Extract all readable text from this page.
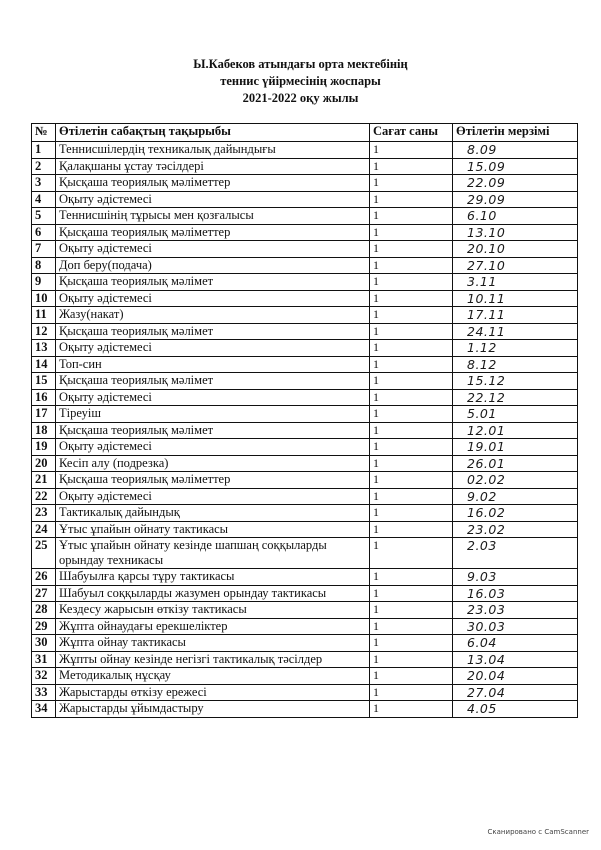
Ы.Кабеков атындағы орта мектебінің
теннис үйірмесінің жоспары
2021-2022 оқу жылы
№	Өтілетін сабақтың тақырыбы	Сағат саны	Өтілетін мерзімі
1	Теннисшілердің техникалық дайындығы	1	8.09
2	Қалақшаны ұстау тәсілдері	1	15.09
3	Қысқаша теориялық мәліметтер	1	22.09
4	Оқыту әдістемесі	1	29.09
5	Теннисшінің тұрысы мен қозғалысы	1	6.10
6	Қысқаша теориялық мәліметтер	1	13.10
7	Оқыту әдістемесі	1	20.10
8	Доп беру(подача)	1	27.10
9	Қысқаша теориялық мәлімет	1	3.11
10	Оқыту әдістемесі	1	10.11
11	Жазу(накат)	1	17.11
12	Қысқаша теориялық мәлімет	1	24.11
13	Оқыту әдістемесі	1	1.12
14	Топ-син	1	8.12
15	Қысқаша теориялық мәлімет	1	15.12
16	Оқыту әдістемесі	1	22.12
17	Тіреуіш	1	5.01
18	Қысқаша теориялық мәлімет	1	12.01
19	Оқыту әдістемесі	1	19.01
20	Кесіп алу (подрезка)	1	26.01
21	Қысқаша теориялық мәліметтер	1	02.02
22	Оқыту әдістемесі	1	9.02
23	Тактикалық дайындық	1	16.02
24	Ұтыс ұпайын ойнату тактикасы	1	23.02
25	Ұтыс ұпайын ойнату кезінде шапшаң соққыларды орындау техникасы	1	2.03
26	Шабуылға қарсы тұру тактикасы	1	9.03
27	Шабуыл соққыларды жазумен орындау тактикасы	1	16.03
28	Кездесу жарысын өткізу тактикасы	1	23.03
29	Жұпта ойнаудағы ерекшеліктер	1	30.03
30	Жұпта ойнау тактикасы	1	6.04
31	Жұпты ойнау кезінде негізгі тактикалық тәсілдер	1	13.04
32	Методикалық нұсқау	1	20.04
33	Жарыстарды өткізу ережесі	1	27.04
34	Жарыстарды ұйымдастыру	1	4.05
Сканировано с CamScanner
